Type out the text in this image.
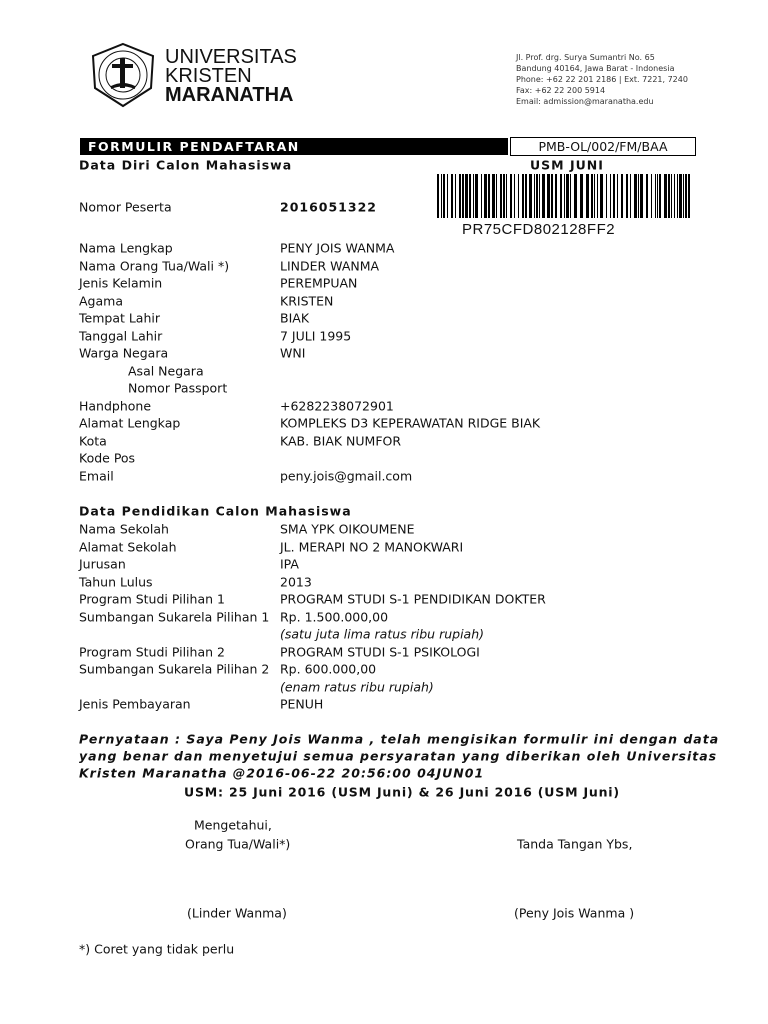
UNIVERSITAS
KRISTEN
MARANATHA
Jl. Prof. drg. Surya Sumantri No. 65
Bandung 40164, Jawa Barat - Indonesia
Phone: +62 22 201 2186 | Ext. 7221, 7240
Fax: +62 22 200 5914
Email: admission@maranatha.edu
FORMULIR PENDAFTARAN	PMB-OL/002/FM/BAA
Data Diri Calon Mahasiswa	USM JUNI
PR75CFD802128FF2
Nomor Peserta	2016051322
Nama Lengkap	PENY JOIS WANMA
Nama Orang Tua/Wali *)	LINDER WANMA
Jenis Kelamin	PEREMPUAN
Agama	KRISTEN
Tempat Lahir	BIAK
Tanggal Lahir	7 JULI 1995
Warga Negara	WNI
Asal Negara
Nomor Passport
Handphone	+6282238072901
Alamat Lengkap	KOMPLEKS D3 KEPERAWATAN RIDGE BIAK
Kota	KAB. BIAK NUMFOR
Kode Pos
Email	peny.jois@gmail.com
Data Pendidikan Calon Mahasiswa
Nama Sekolah	SMA YPK OIKOUMENE
Alamat Sekolah	JL. MERAPI NO 2 MANOKWARI
Jurusan	IPA
Tahun Lulus	2013
Program Studi Pilihan 1	PROGRAM STUDI S-1 PENDIDIKAN DOKTER
Sumbangan Sukarela Pilihan 1 Rp. 1.500.000,00
(satu juta lima ratus ribu rupiah)
Program Studi Pilihan 2	PROGRAM STUDI S-1 PSIKOLOGI
Sumbangan Sukarela Pilihan 2 Rp. 600.000,00
(enam ratus ribu rupiah)
Jenis Pembayaran	PENUH
Pernyataan : Saya Peny Jois Wanma , telah mengisikan formulir ini dengan data
yang benar dan menyetujui semua persyaratan yang diberikan oleh Universitas
Kristen Maranatha @2016-06-22 20:56:00 04JUN01
USM: 25 Juni 2016 (USM Juni) & 26 Juni 2016 (USM Juni)
Mengetahui,
Orang Tua/Wali*)	Tanda Tangan Ybs,
(Linder Wanma)	(Peny Jois Wanma )
*) Coret yang tidak perlu
